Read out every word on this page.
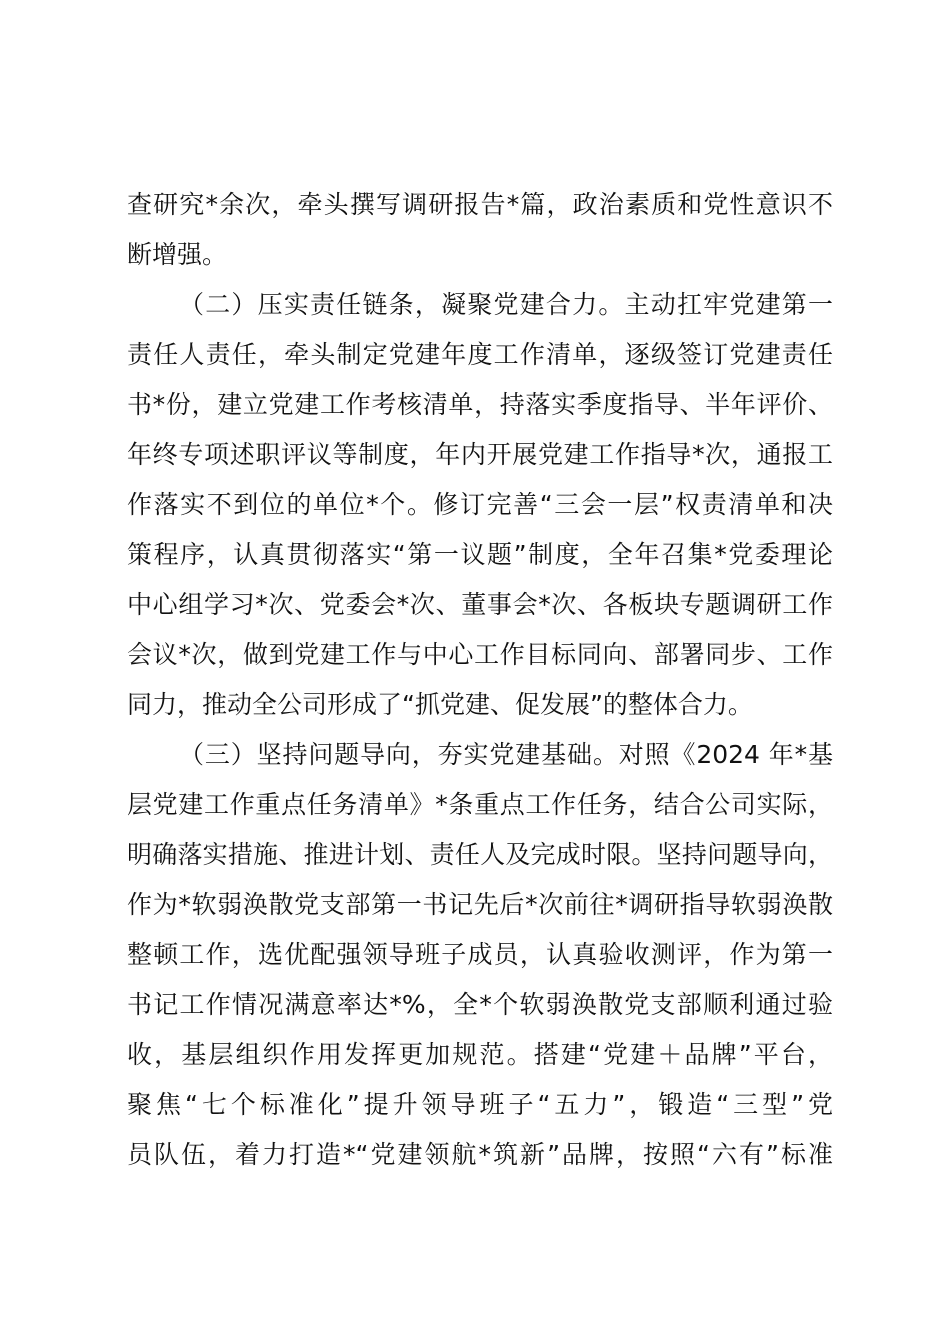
查研究*余次，牵头撰写调研报告*篇，政治素质和党性意识不
断增强。
（二）压实责任链条，凝聚党建合力。主动扛牢党建第一
责任人责任，牵头制定党建年度工作清单，逐级签订党建责任
书*份，建立党建工作考核清单，持落实季度指导、半年评价、
年终专项述职评议等制度，年内开展党建工作指导*次，通报工
作落实不到位的单位*个。修订完善“三会一层”权责清单和决
策程序，认真贯彻落实“第一议题”制度，全年召集*党委理论
中心组学习*次、党委会*次、董事会*次、各板块专题调研工作
会议*次，做到党建工作与中心工作目标同向、部署同步、工作
同力，推动全公司形成了“抓党建、促发展”的整体合力。
（三）坚持问题导向，夯实党建基础。对照《2024 年*基
层党建工作重点任务清单》*条重点工作任务，结合公司实际，
明确落实措施、推进计划、责任人及完成时限。坚持问题导向，
作为*软弱涣散党支部第一书记先后*次前往*调研指导软弱涣散
整顿工作，选优配强领导班子成员，认真验收测评，作为第一
书记工作情况满意率达*%，全*个软弱涣散党支部顺利通过验
收，基层组织作用发挥更加规范。搭建“党建＋品牌”平台，
聚焦“七个标准化”提升领导班子“五力”，锻造“三型”党
员队伍，着力打造*“党建领航*筑新”品牌，按照“六有”标准
